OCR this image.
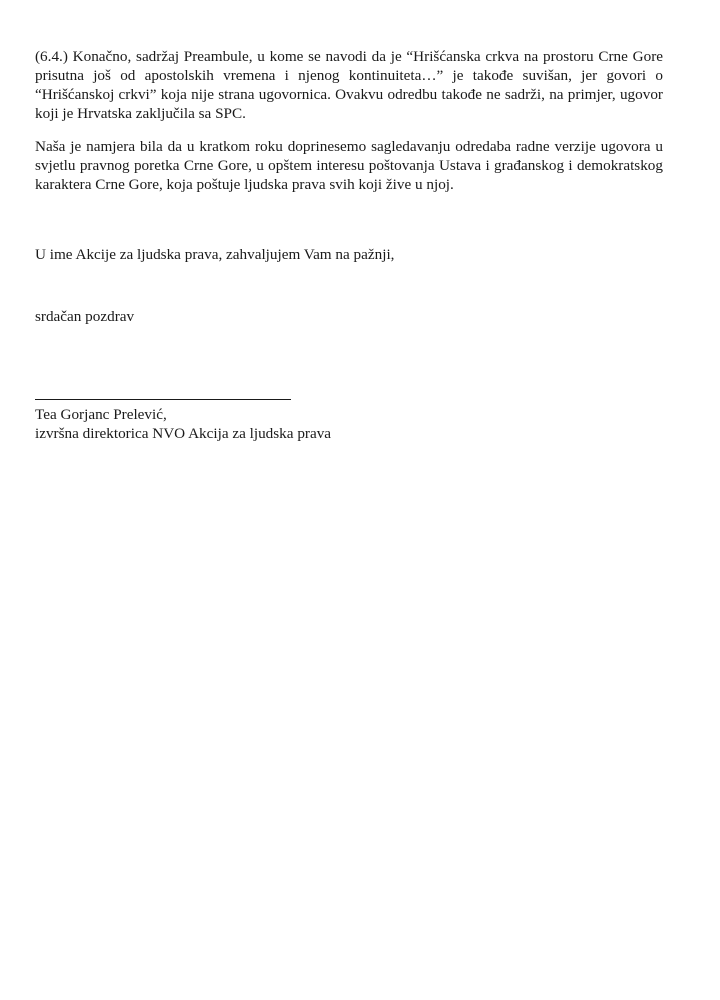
(6.4.) Konačno, sadržaj Preambule, u kome se navodi da je “Hrišćanska crkva na prostoru Crne Gore prisutna još od apostolskih vremena i njenog kontinuiteta…” je takođe suvišan, jer govori o “Hrišćanskoj crkvi” koja nije strana ugovornica. Ovakvu odredbu takođe ne sadrži, na primjer, ugovor koji je Hrvatska zaključila sa SPC.

Naša je namjera bila da u kratkom roku doprinesemo sagledavanju odredaba radne verzije ugovora u svjetlu pravnog poretka Crne Gore, u opštem interesu poštovanja Ustava i građanskog i demokratskog karaktera Crne Gore, koja poštuje ljudska prava svih koji žive u njoj.

U ime Akcije za ljudska prava, zahvaljujem Vam na pažnji,

srdačan pozdrav

Tea Gorjanc Prelević,

izvršna direktorica NVO Akcija za ljudska prava
